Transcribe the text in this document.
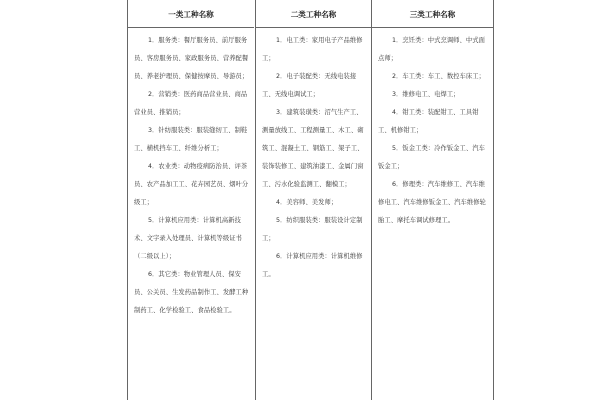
一类工种名称

1．服务类：餐厅服务员、前厅服务员、客房服务员、家政服务员、营养配餐员、养老护理员、保健按摩员、导游员；

2．营销类：医药商品营业员、商品营业员、推销员；

3．针纺服装类：服装缝纫工、制鞋工、横机挡车工、纤维分析工；

4．农业类：动物疫病防治员、评茶员、农产品加工工、花卉园艺员、烟叶分级工；

5．计算机应用类：计算机高新技术、文字录入处理员、计算机等级证书（二级以上）；

6．其它类：物业管理人员、保安员、公关员、生发药品制作工、发酵工种制药工、化学检验工、食品检验工。

二类工种名称

1．电工类：家用电子产品维修工；

2．电子装配类：无线电装接工、无线电调试工；

3．建筑装璜类：沼气生产工、测量放线工、工程测量工、木工、砌筑工、混凝土工、钢筋工、架子工、装饰装修工、建筑油漆工、金属门窗工、污水化验监测工、翻模工；

4．美容师、美发师；

5．纺织服装类：服装设计定制工；

6．计算机应用类：计算机维修工。

三类工种名称

1．烹饪类：中式烹调师、中式面点师；

2．车工类：车工、数控车床工；

3．维修电工、电焊工；

4．钳工类：装配钳工、工具钳工、机修钳工；

5．钣金工类：冷作钣金工、汽车钣金工；

6．修理类：汽车维修工、汽车维修电工、汽车维修钣金工、汽车维修轮胎工、摩托车调试修理工。
